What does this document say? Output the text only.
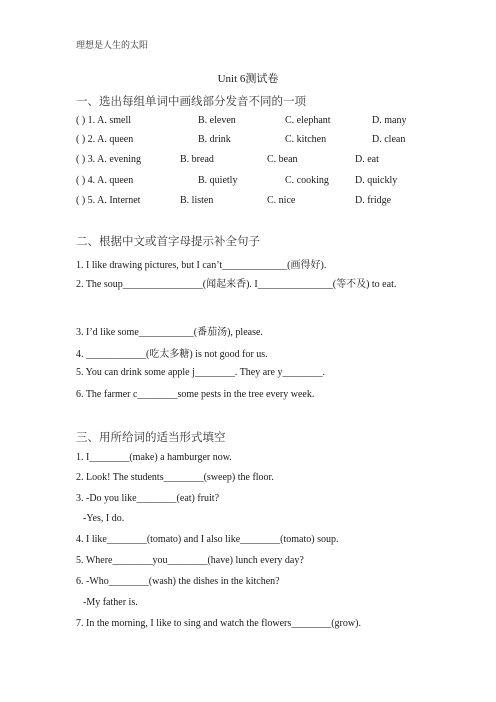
理想是人生的太阳
Unit 6测试卷
一、选出每组单词中画线部分发音不同的一项
( ) 1. A. smell	B. eleven	C. elephant	D. many
( ) 2. A. queen	B. drink	C. kitchen	D. clean
( ) 3. A. evening	B. bread	C. bean	D. eat
( ) 4. A. queen	B. quietly	C. cooking	D. quickly
( ) 5. A. Internet	B. listen	C. nice	D. fridge
二、根据中文或首字母提示补全句子
1. I like drawing pictures, but I can’t_____________(画得好).
2. The soup________________(闻起来香). I_______________(等不及) to eat.
3. I’d like some___________(番茄汤), please.
4. ____________(吃太多糖) is not good for us.
5. You can drink some apple j________. They are y________.
6. The farmer c________some pests in the tree every week.
三、用所给词的适当形式填空
1. I________(make) a hamburger now.
2. Look! The students________(sweep) the floor.
3. -Do you like________(eat) fruit?
-Yes, I do.
4. I like________(tomato) and I also like________(tomato) soup.
5. Where________you________(have) lunch every day?
6. -Who________(wash) the dishes in the kitchen?
-My father is.
7. In the morning, I like to sing and watch the flowers________(grow).
